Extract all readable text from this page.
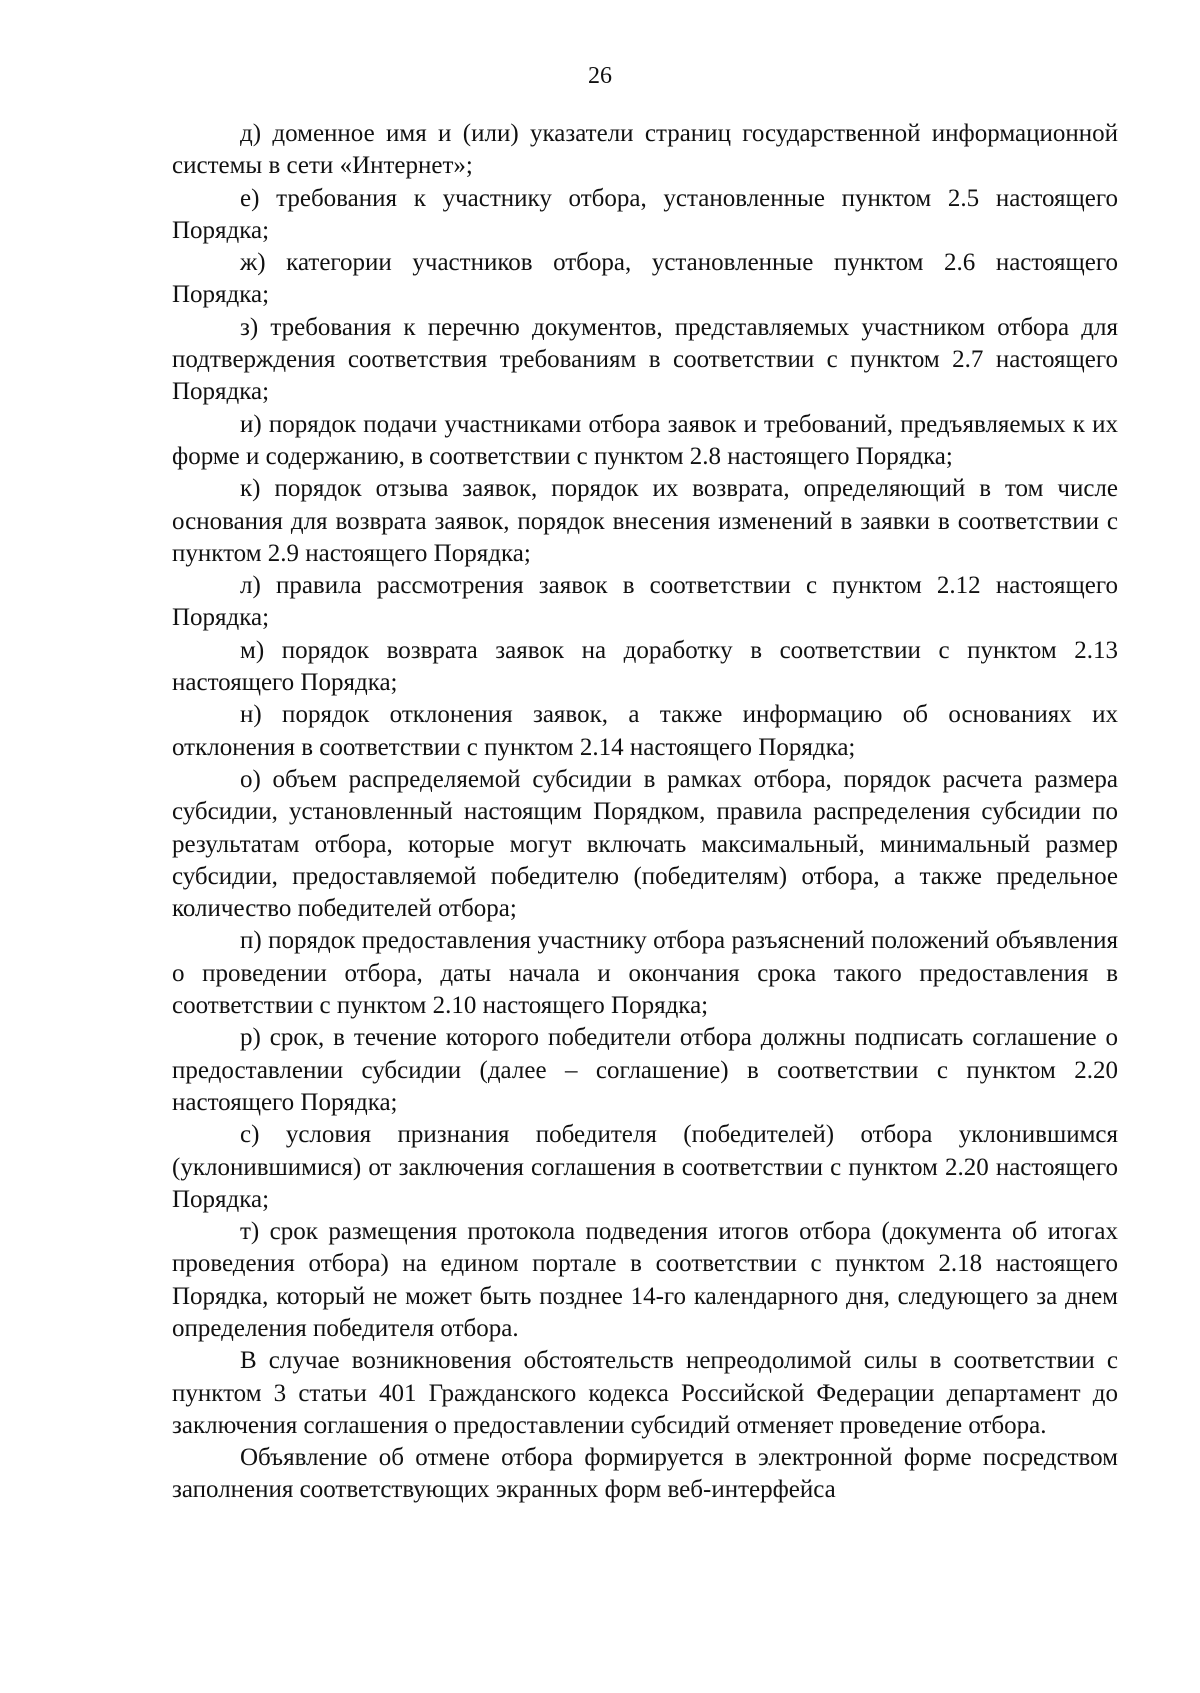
26

д) доменное имя и (или) указатели страниц государственной информационной системы в сети «Интернет»;

е) требования к участнику отбора, установленные пунктом 2.5 настоящего Порядка;

ж) категории участников отбора, установленные пунктом 2.6 настоящего Порядка;

з) требования к перечню документов, представляемых участником отбора для подтверждения соответствия требованиям в соответствии с пунктом 2.7 настоящего Порядка;

и) порядок подачи участниками отбора заявок и требований, предъявляемых к их форме и содержанию, в соответствии с пунктом 2.8 настоящего Порядка;

к) порядок отзыва заявок, порядок их возврата, определяющий в том числе основания для возврата заявок, порядок внесения изменений в заявки в соответствии с пунктом 2.9 настоящего Порядка;

л) правила рассмотрения заявок в соответствии с пунктом 2.12 настоящего Порядка;

м) порядок возврата заявок на доработку в соответствии с пунктом 2.13 настоящего Порядка;

н) порядок отклонения заявок, а также информацию об основаниях их отклонения в соответствии с пунктом 2.14 настоящего Порядка;

о) объем распределяемой субсидии в рамках отбора, порядок расчета размера субсидии, установленный настоящим Порядком, правила распределения субсидии по результатам отбора, которые могут включать максимальный, минимальный размер субсидии, предоставляемой победителю (победителям) отбора, а также предельное количество победителей отбора;

п) порядок предоставления участнику отбора разъяснений положений объявления о проведении отбора, даты начала и окончания срока такого предоставления в соответствии с пунктом 2.10 настоящего Порядка;

р) срок, в течение которого победители отбора должны подписать соглашение о предоставлении субсидии (далее – соглашение) в соответствии с пунктом 2.20 настоящего Порядка;

с) условия признания победителя (победителей) отбора уклонившимся (уклонившимися) от заключения соглашения в соответствии с пунктом 2.20 настоящего Порядка;

т) срок размещения протокола подведения итогов отбора (документа об итогах проведения отбора) на едином портале в соответствии с пунктом 2.18 настоящего Порядка, который не может быть позднее 14-го календарного дня, следующего за днем определения победителя отбора.

В случае возникновения обстоятельств непреодолимой силы в соответствии с пунктом 3 статьи 401 Гражданского кодекса Российской Федерации департамент до заключения соглашения о предоставлении субсидий отменяет проведение отбора.

Объявление об отмене отбора формируется в электронной форме посредством заполнения соответствующих экранных форм веб-интерфейса
